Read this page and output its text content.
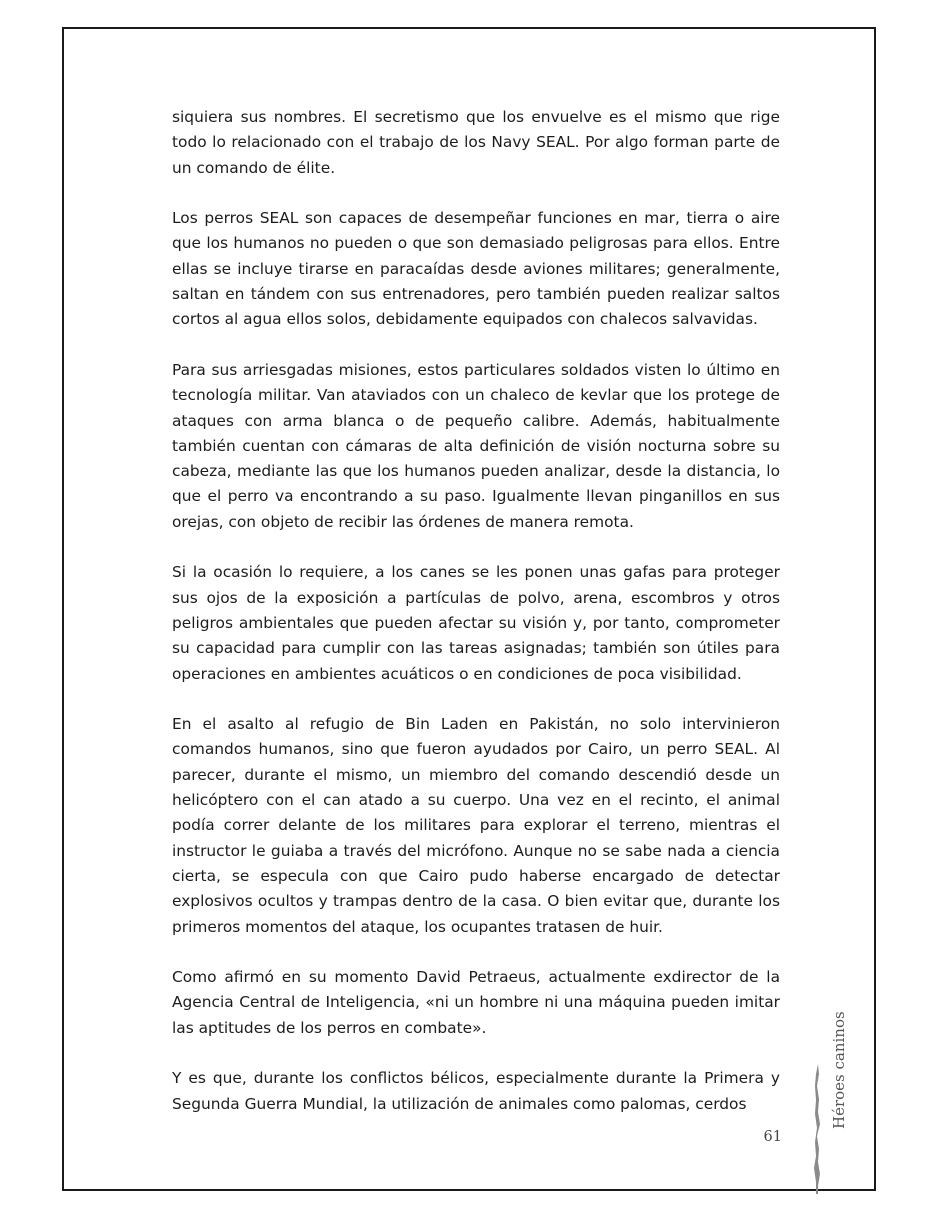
siquiera sus nombres. El secretismo que los envuelve es el mismo que rige todo lo relacionado con el trabajo de los Navy SEAL. Por algo forman parte de un comando de élite.

Los perros SEAL son capaces de desempeñar funciones en mar, tierra o aire que los humanos no pueden o que son demasiado peligrosas para ellos. Entre ellas se incluye tirarse en paracaídas desde aviones militares; generalmente, saltan en tándem con sus entrenadores, pero también pueden realizar saltos cortos al agua ellos solos, debidamente equipados con chalecos salvavidas.

Para sus arriesgadas misiones, estos particulares soldados visten lo último en tecnología militar. Van ataviados con un chaleco de kevlar que los protege de ataques con arma blanca o de pequeño calibre. Además, habitualmente también cuentan con cámaras de alta definición de visión nocturna sobre su cabeza, mediante las que los humanos pueden analizar, desde la distancia, lo que el perro va encontrando a su paso. Igualmente llevan pinganillos en sus orejas, con objeto de recibir las órdenes de manera remota.

Si la ocasión lo requiere, a los canes se les ponen unas gafas para proteger sus ojos de la exposición a partículas de polvo, arena, escombros y otros peligros ambientales que pueden afectar su visión y, por tanto, comprometer su capacidad para cumplir con las tareas asignadas; también son útiles para operaciones en ambientes acuáticos o en condiciones de poca visibilidad.

En el asalto al refugio de Bin Laden en Pakistán, no solo intervinieron comandos humanos, sino que fueron ayudados por Cairo, un perro SEAL. Al parecer, durante el mismo, un miembro del comando descendió desde un helicóptero con el can atado a su cuerpo. Una vez en el recinto, el animal podía correr delante de los militares para explorar el terreno, mientras el instructor le guiaba a través del micrófono. Aunque no se sabe nada a ciencia cierta, se especula con que Cairo pudo haberse encargado de detectar explosivos ocultos y trampas dentro de la casa. O bien evitar que, durante los primeros momentos del ataque, los ocupantes tratasen de huir.

Como afirmó en su momento David Petraeus, actualmente exdirector de la Agencia Central de Inteligencia, «ni un hombre ni una máquina pueden imitar las aptitudes de los perros en combate».

Y es que, durante los conflictos bélicos, especialmente durante la Primera y Segunda Guerra Mundial, la utilización de animales como palomas, cerdos	Héroes caninos
61
